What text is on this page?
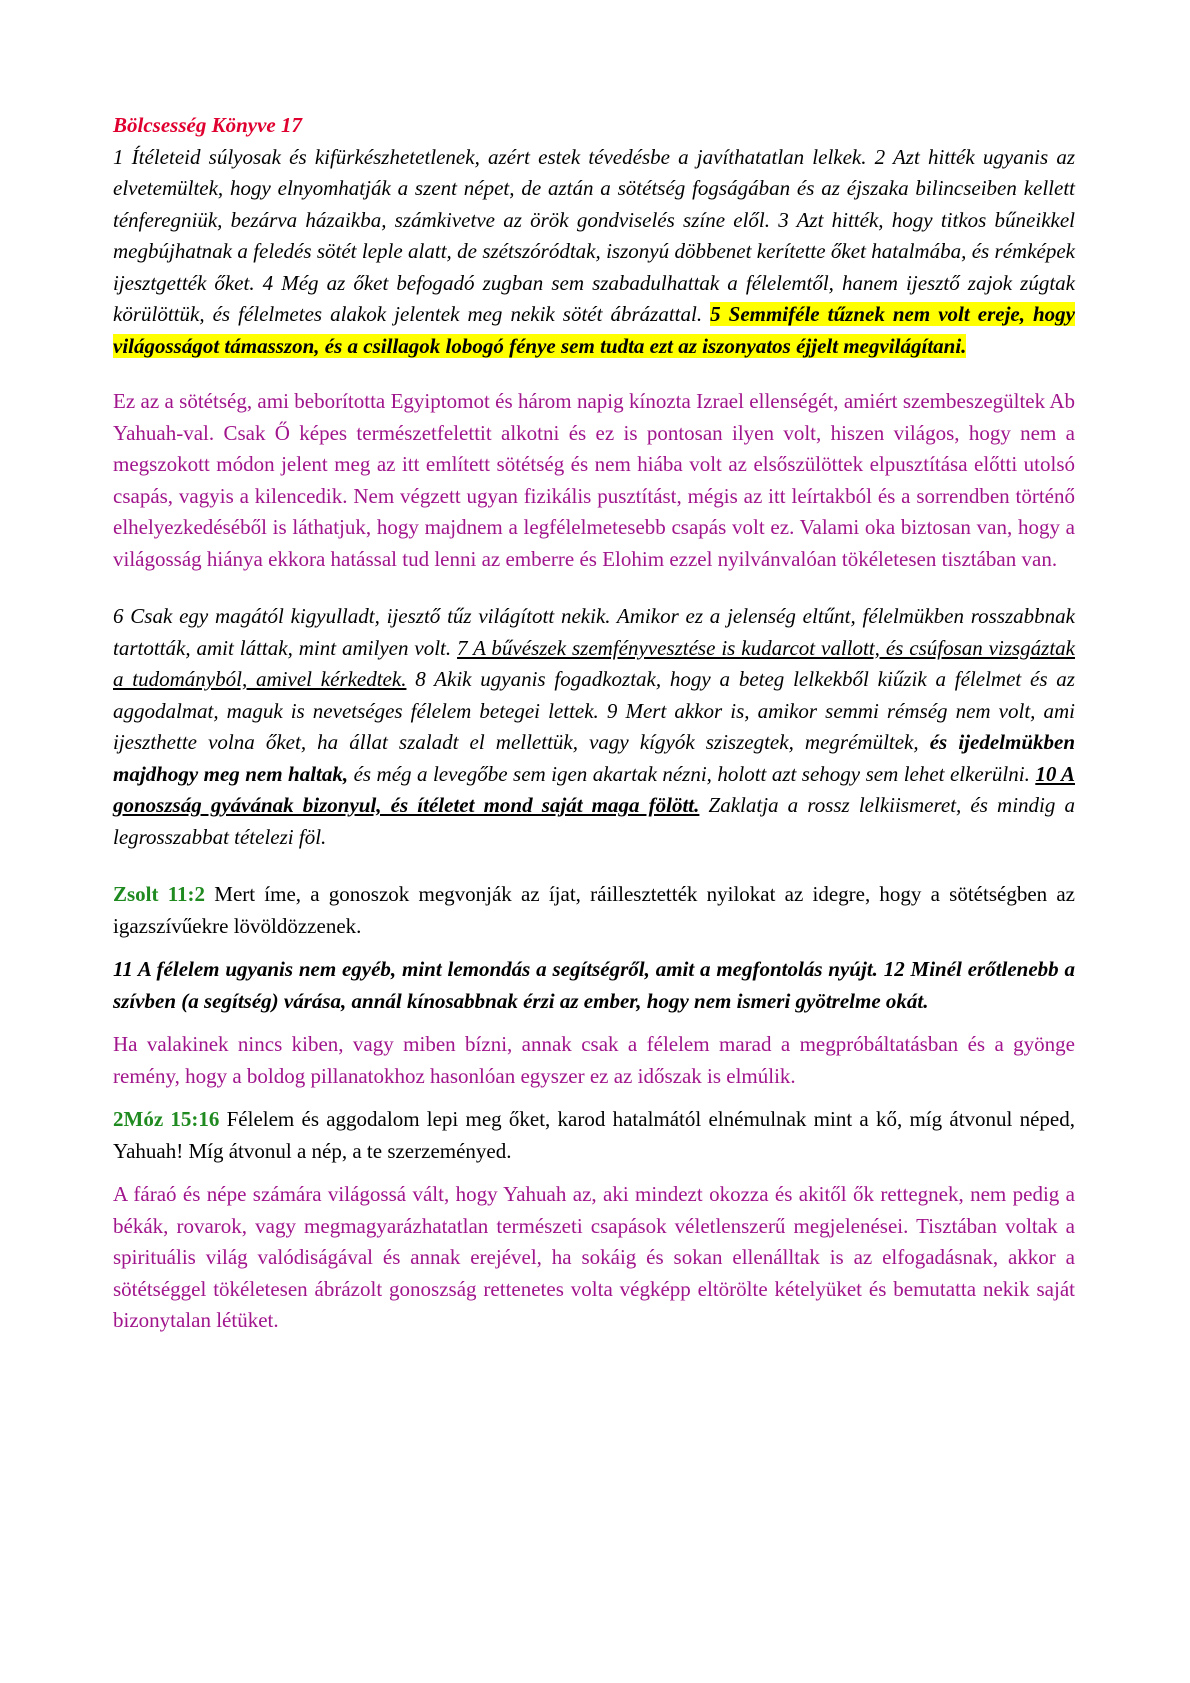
Bölcsesség Könyve 17
1 Ítéleteid súlyosak és kifürkészhetetlenek, azért estek tévedésbe a javíthatatlan lelkek. 2 Azt hitték ugyanis az elvetemültek, hogy elnyomhatják a szent népet, de aztán a sötétség fogságában és az éjszaka bilincseiben kellett ténferegniük, bezárva házaikba, számkivetve az örök gondviselés színe elől. 3 Azt hitték, hogy titkos bűneikkel megbújhatnak a feledés sötét leple alatt, de szétszóródtak, iszonyú döbbenet kerítette őket hatalmába, és rémképek ijesztgették őket. 4 Még az őket befogadó zugban sem szabadulhattak a félelemtől, hanem ijesztő zajok zúgtak körülöttük, és félelmetes alakok jelentek meg nekik sötét ábrázattal. 5 Semmiféle tűznek nem volt ereje, hogy világosságot támasszon, és a csillagok lobogó fénye sem tudta ezt az iszonyatos éjjelt megvilágítani.

Ez az a sötétség, ami beborította Egyiptomot és három napig kínozta Izrael ellenségét, amiért szembeszegültek Ab Yahuah-val. Csak Ő képes természetfelettit alkotni és ez is pontosan ilyen volt, hiszen világos, hogy nem a megszokott módon jelent meg az itt említett sötétség és nem hiába volt az elsőszülöttek elpusztítása előtti utolsó csapás, vagyis a kilencedik. Nem végzett ugyan fizikális pusztítást, mégis az itt leírtakból és a sorrendben történő elhelyezkedéséből is láthatjuk, hogy majdnem a legfélelmetesebb csapás volt ez. Valami oka biztosan van, hogy a világosság hiánya ekkora hatással tud lenni az emberre és Elohim ezzel nyilvánvalóan tökéletesen tisztában van.

6 Csak egy magától kigyulladt, ijesztő tűz világított nekik. Amikor ez a jelenség eltűnt, félelmükben rosszabbnak tartották, amit láttak, mint amilyen volt. 7 A bűvészek szemfényvesztése is kudarcot vallott, és csúfosan vizsgáztak a tudományból, amivel kérkedtek. 8 Akik ugyanis fogadkoztak, hogy a beteg lelkekből kiűzik a félelmet és az aggodalmat, maguk is nevetséges félelem betegei lettek. 9 Mert akkor is, amikor semmi rémség nem volt, ami ijeszthette volna őket, ha állat szaladt el mellettük, vagy kígyók sziszegtek, megrémültek, és ijedelmükben majdhogy meg nem haltak, és még a levegőbe sem igen akartak nézni, holott azt sehogy sem lehet elkerülni. 10 A gonoszság gyávának bizonyul, és ítéletet mond saját maga fölött. Zaklatja a rossz lelkiismeret, és mindig a legrosszabbat tételezi föl.

Zsolt 11:2 Mert íme, a gonoszok megvonják az íjat, ráillesztették nyilokat az idegre, hogy a sötétségben az igazszívűekre lövöldözzenek.

11 A félelem ugyanis nem egyéb, mint lemondás a segítségről, amit a megfontolás nyújt. 12 Minél erőtlenebb a szívben (a segítség) várása, annál kínosabbnak érzi az ember, hogy nem ismeri gyötrelme okát.

Ha valakinek nincs kiben, vagy miben bízni, annak csak a félelem marad a megpróbáltatásban és a gyönge remény, hogy a boldog pillanatokhoz hasonlóan egyszer ez az időszak is elmúlik.

2Móz 15:16 Félelem és aggodalom lepi meg őket, karod hatalmától elnémulnak mint a kő, míg átvonul néped, Yahuah! Míg átvonul a nép, a te szerzeményed.

A fáraó és népe számára világossá vált, hogy Yahuah az, aki mindezt okozza és akitől ők rettegnek, nem pedig a békák, rovarok, vagy megmagyarázhatatlan természeti csapások véletlenszerű megjelenései. Tisztában voltak a spirituális világ valódiságával és annak erejével, ha sokáig és sokan ellenálltak is az elfogadásnak, akkor a sötétséggel tökéletesen ábrázolt gonoszság rettenetes volta végképp eltörölte kételyüket és bemutatta nekik saját bizonytalan létüket.
